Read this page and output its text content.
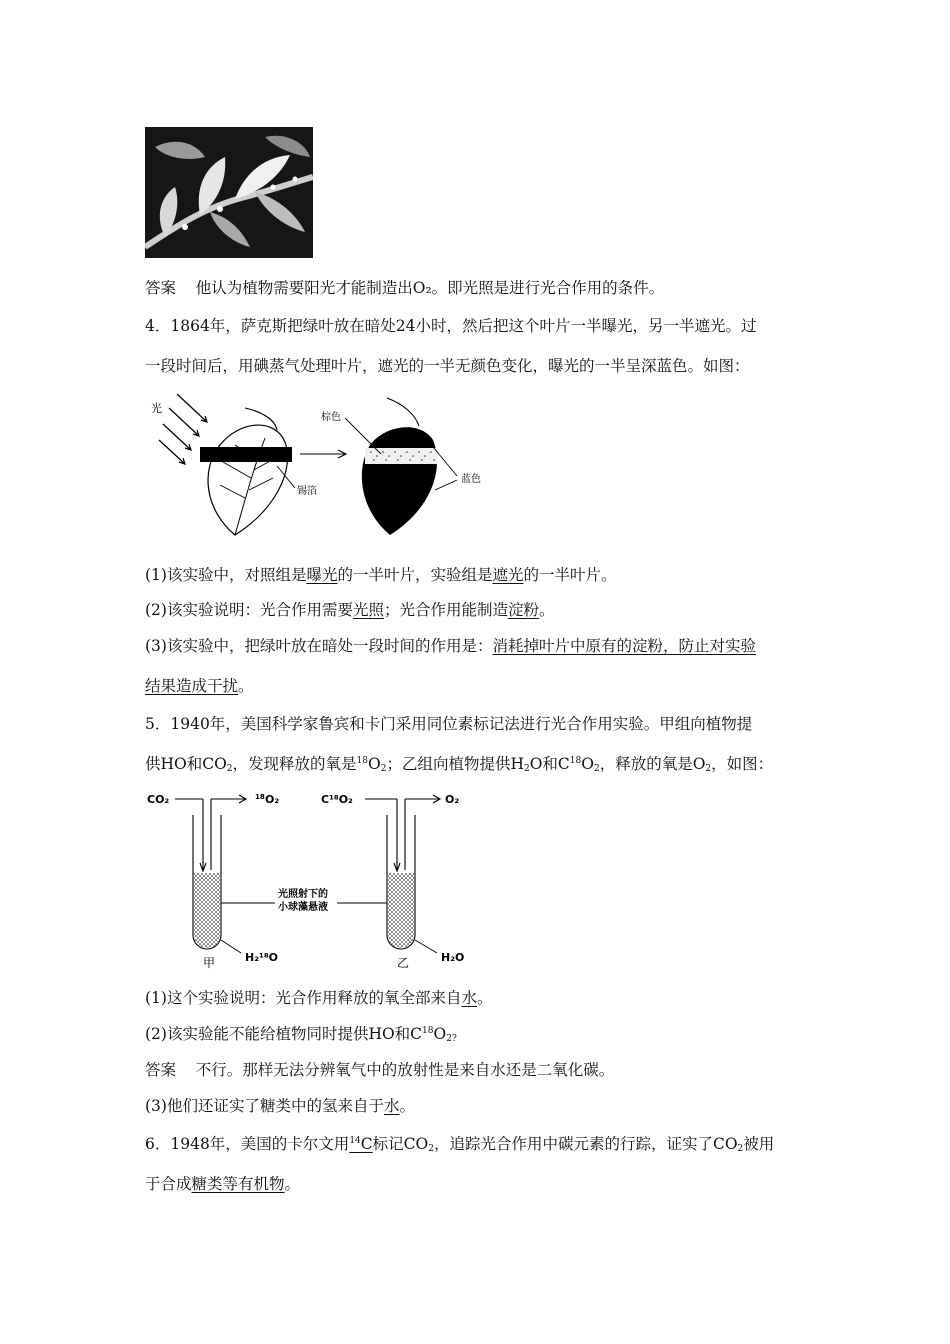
答案 他认为植物需要阳光才能制造出O₂。即光照是进行光合作用的条件。
4．1864年，萨克斯把绿叶放在暗处24小时，然后把这个叶片一半曝光，另一半遮光。过
一段时间后，用碘蒸气处理叶片，遮光的一半无颜色变化，曝光的一半呈深蓝色。如图：
光
锡箔
棕色
蓝色
(1)该实验中，对照组是曝光的一半叶片，实验组是遮光的一半叶片。
(2)该实验说明：光合作用需要光照；光合作用能制造淀粉。
(3)该实验中，把绿叶放在暗处一段时间的作用是：消耗掉叶片中原有的淀粉，防止对实验
结果造成干扰。
5．1940年，美国科学家鲁宾和卡门采用同位素标记法进行光合作用实验。甲组向植物提
供HO和$CO_2$，发现释放的氧是$^{18}O_2$；乙组向植物提供$H_2O$和$C^{18}O_2$，释放的氧是$O_2$，如图：
CO₂	18 O₂	C¹⁸O₂	O₂
光照射下的
小球藻悬液
甲	H₂¹⁸O	乙	H₂O
(1)这个实验说明：光合作用释放的氧全部来自水。
(2)该实验能不能给植物同时提供HO和$C^{18}O_{2?}$
答案 不行。那样无法分辨氧气中的放射性是来自水还是二氧化碳。
(3)他们还证实了糖类中的氢来自于水。
6．1948年，美国的卡尔文用$^{14}$C标记$CO_2$，追踪光合作用中碳元素的行踪，证实了$CO_2$被用
于合成糖类等有机物。
